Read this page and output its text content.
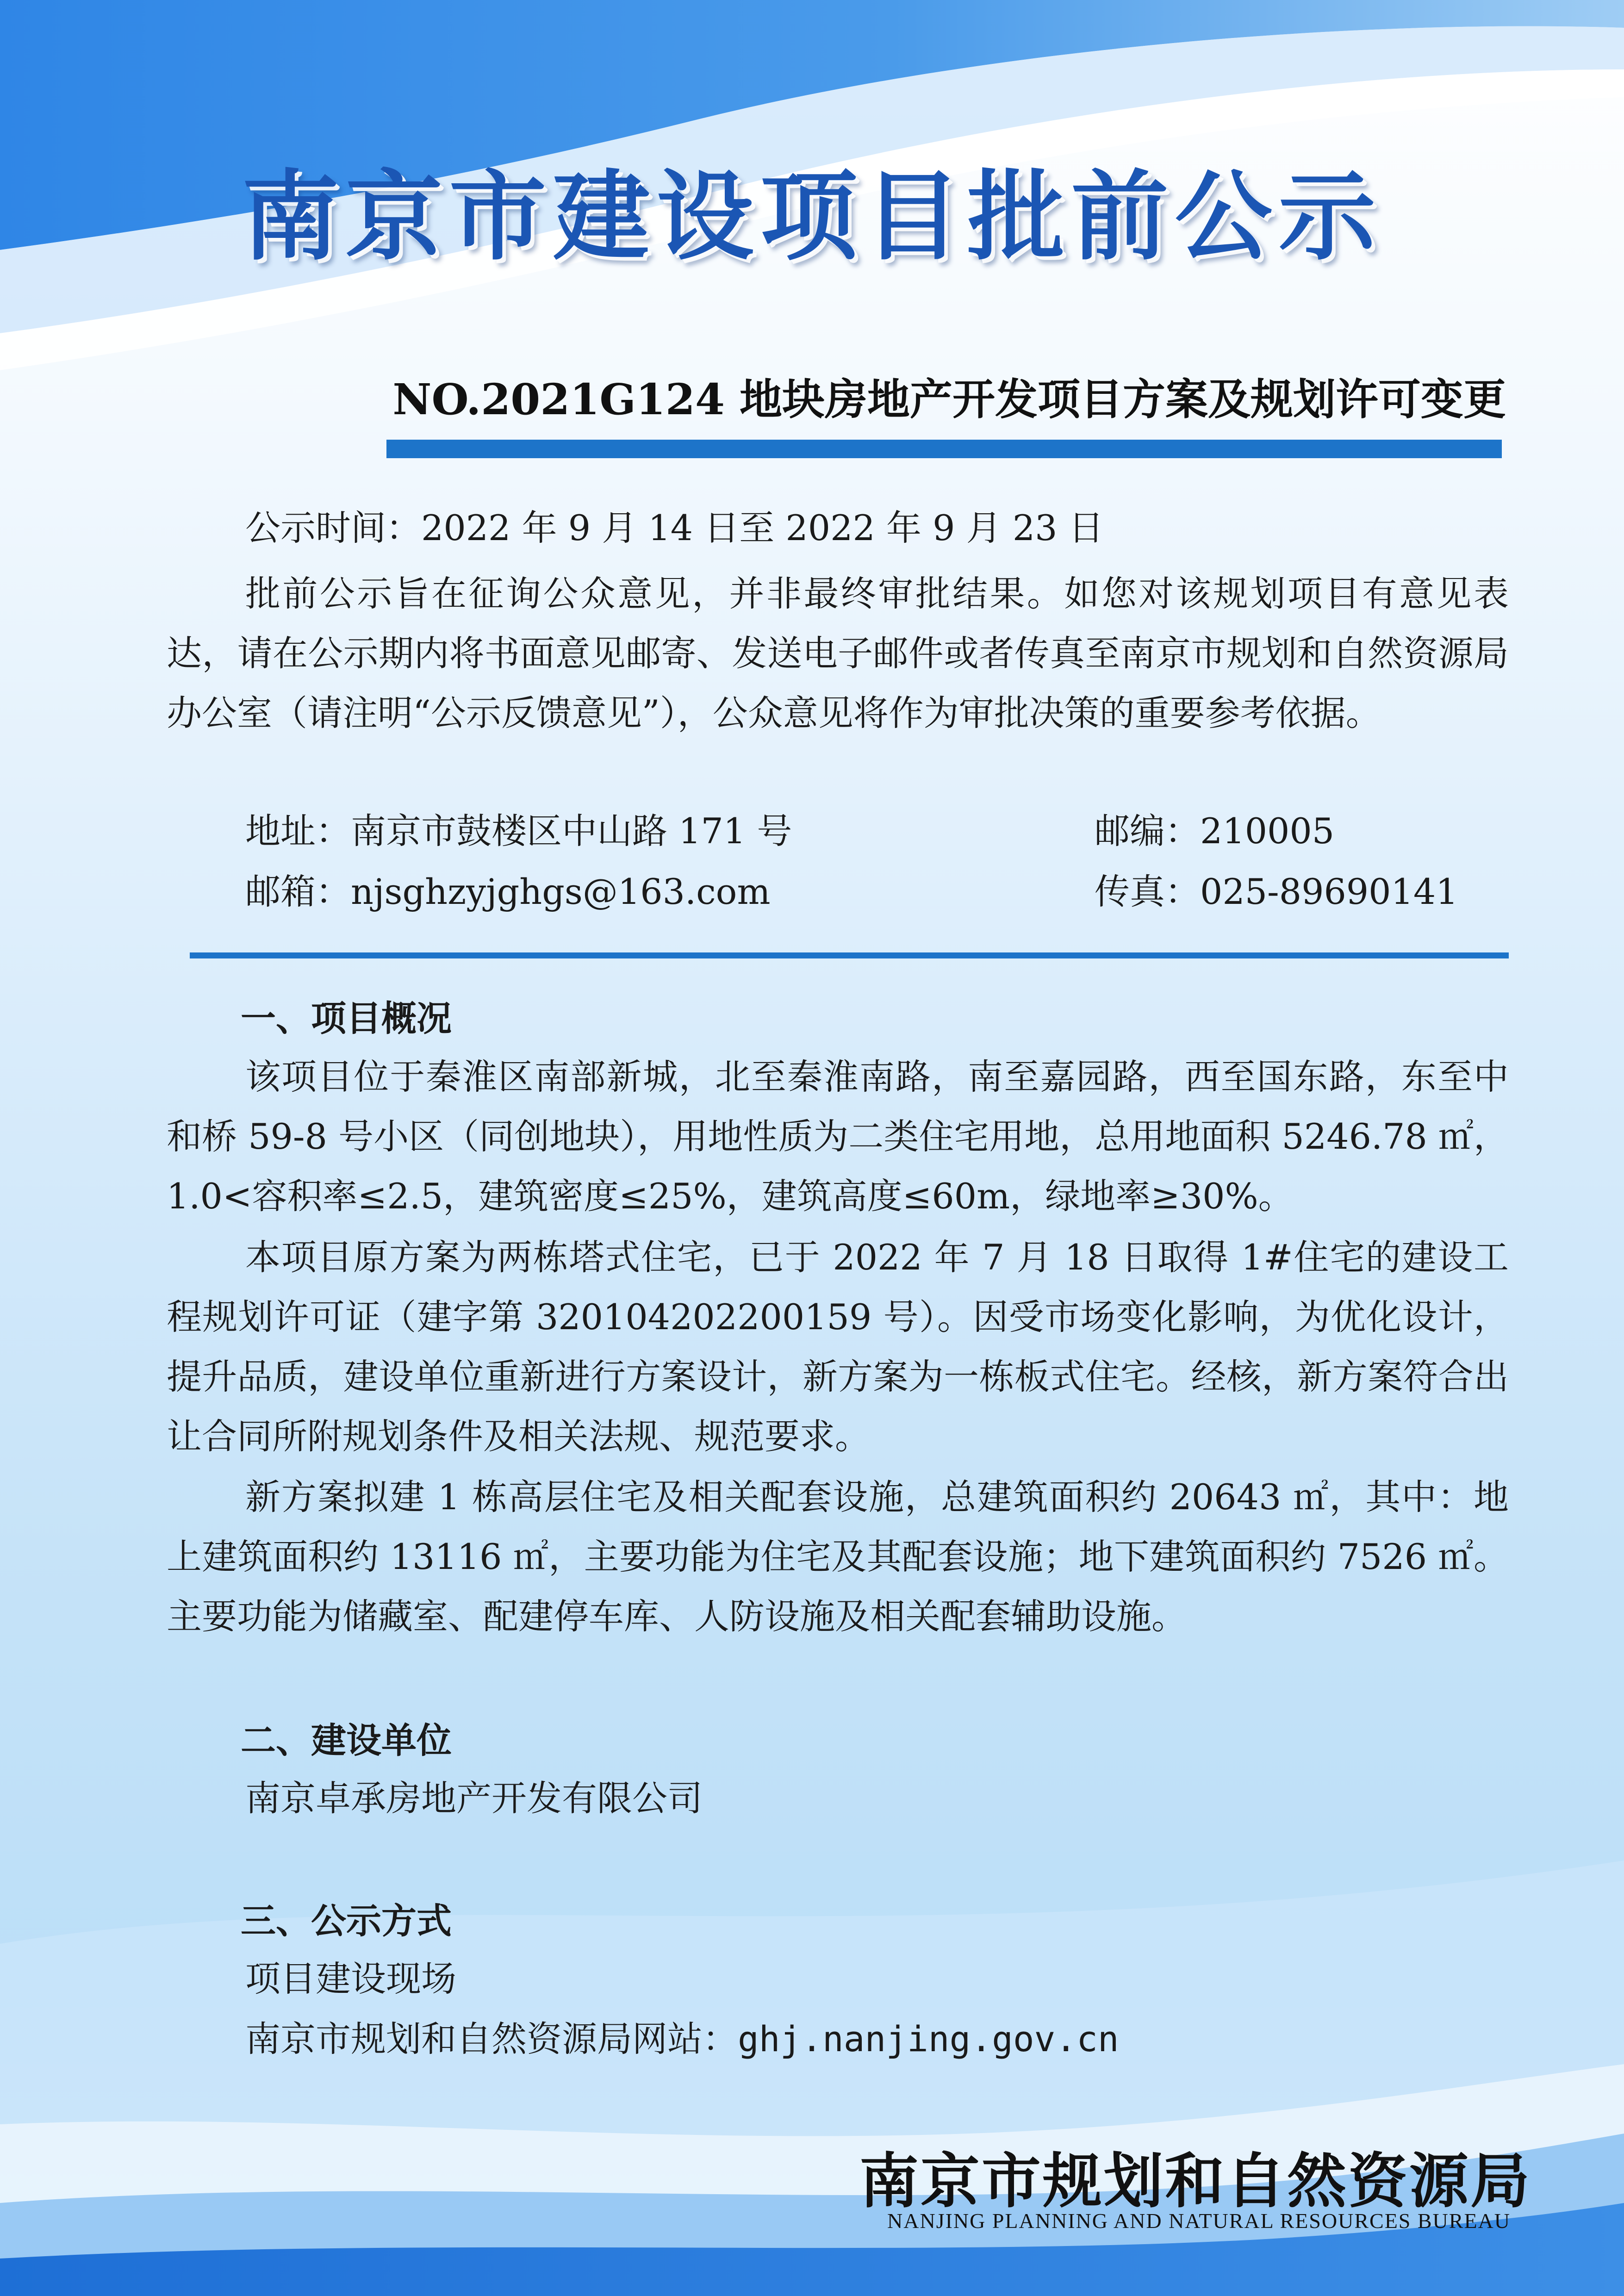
南京市建设项目批前公示
NO.2021G124 地块房地产开发项目方案及规划许可变更

公示时间：2022 年 9 月 14 日至 2022 年 9 月 23 日

批前公示旨在征询公众意见，并非最终审批结果。如您对该规划项目有意见表达，请在公示期内将书面意见邮寄、发送电子邮件或者传真至南京市规划和自然资源局办公室（请注明“公示反馈意见”），公众意见将作为审批决策的重要参考依据。

地址：南京市鼓楼区中山路 171 号	邮编：210005

邮箱：njsghzyjghgs@163.com	传真：025-89690141

一、项目概况

该项目位于秦淮区南部新城，北至秦淮南路，南至嘉园路，西至国东路，东至中和桥 59-8 号小区（同创地块），用地性质为二类住宅用地，总用地面积 5246.78 ㎡，1.0<容积率≤2.5，建筑密度≤25%，建筑高度≤60m，绿地率≥30%。

本项目原方案为两栋塔式住宅，已于 2022 年 7 月 18 日取得 1#住宅的建设工程规划许可证（建字第 320104202200159 号）。因受市场变化影响，为优化设计，提升品质，建设单位重新进行方案设计，新方案为一栋板式住宅。经核，新方案符合出让合同所附规划条件及相关法规、规范要求。

新方案拟建 1 栋高层住宅及相关配套设施，总建筑面积约 20643 ㎡，其中：地上建筑面积约 13116 ㎡，主要功能为住宅及其配套设施；地下建筑面积约 7526 ㎡。主要功能为储藏室、配建停车库、人防设施及相关配套辅助设施。

二、建设单位

南京卓承房地产开发有限公司

三、公示方式

项目建设现场

南京市规划和自然资源局网站：ghj.nanjing.gov.cn

南京市规划和自然资源局

NANJING PLANNING AND NATURAL RESOURCES BUREAU
